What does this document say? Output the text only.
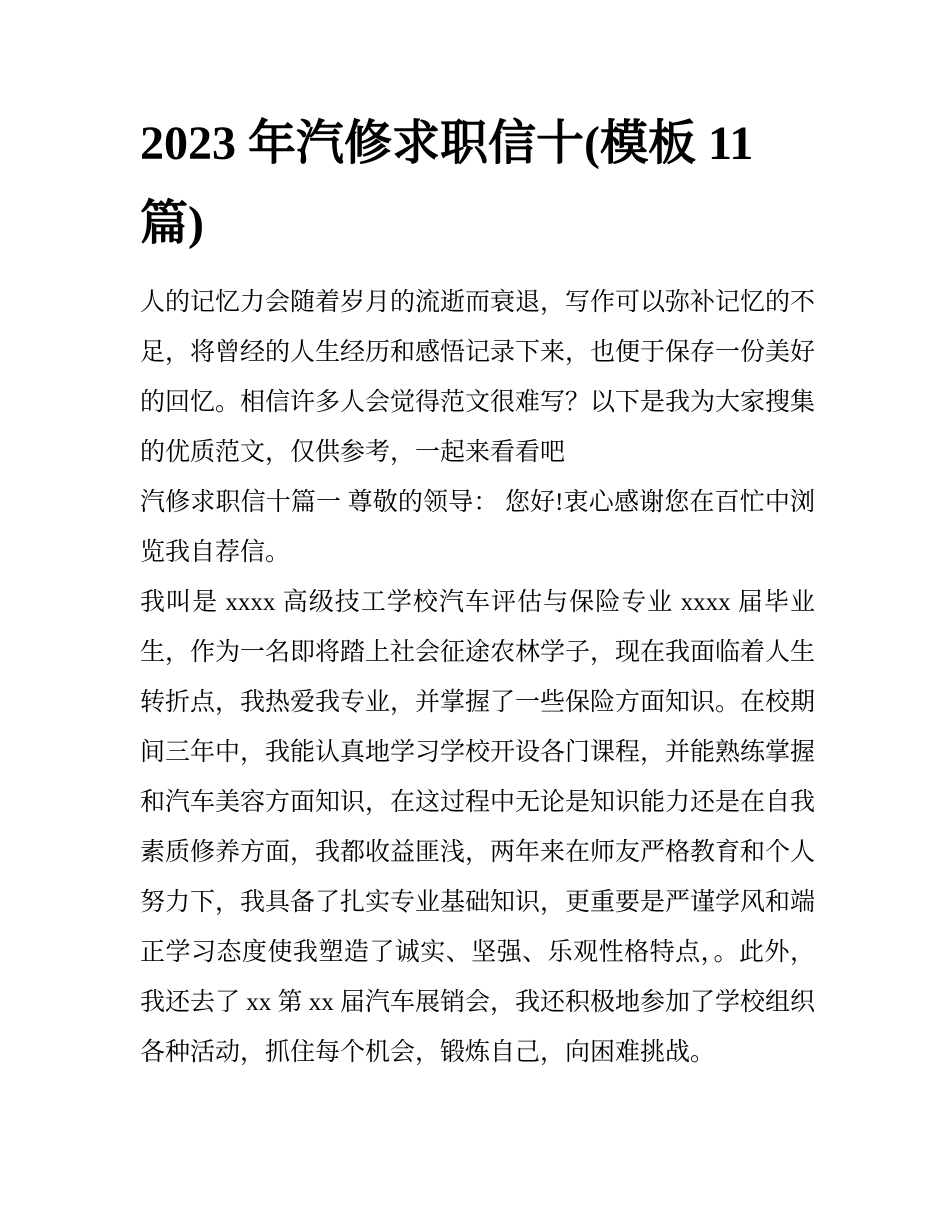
2023 年汽修求职信十(模板 11 篇)

人的记忆力会随着岁月的流逝而衰退，写作可以弥补记忆的不足，将曾经的人生经历和感悟记录下来，也便于保存一份美好的回忆。相信许多人会觉得范文很难写？以下是我为大家搜集的优质范文，仅供参考，一起来看看吧

汽修求职信十篇一 尊敬的领导： 您好!衷心感谢您在百忙中浏览我自荐信。

我叫是 xxxx 高级技工学校汽车评估与保险专业 xxxx 届毕业生，作为一名即将踏上社会征途农林学子，现在我面临着人生转折点，我热爱我专业，并掌握了一些保险方面知识。在校期间三年中，我能认真地学习学校开设各门课程，并能熟练掌握和汽车美容方面知识，在这过程中无论是知识能力还是在自我素质修养方面，我都收益匪浅，两年来在师友严格教育和个人努力下，我具备了扎实专业基础知识，更重要是严谨学风和端正学习态度使我塑造了诚实、坚强、乐观性格特点，。此外，我还去了 xx 第 xx 届汽车展销会，我还积极地参加了学校组织各种活动，抓住每个机会，锻炼自己，向困难挑战。
